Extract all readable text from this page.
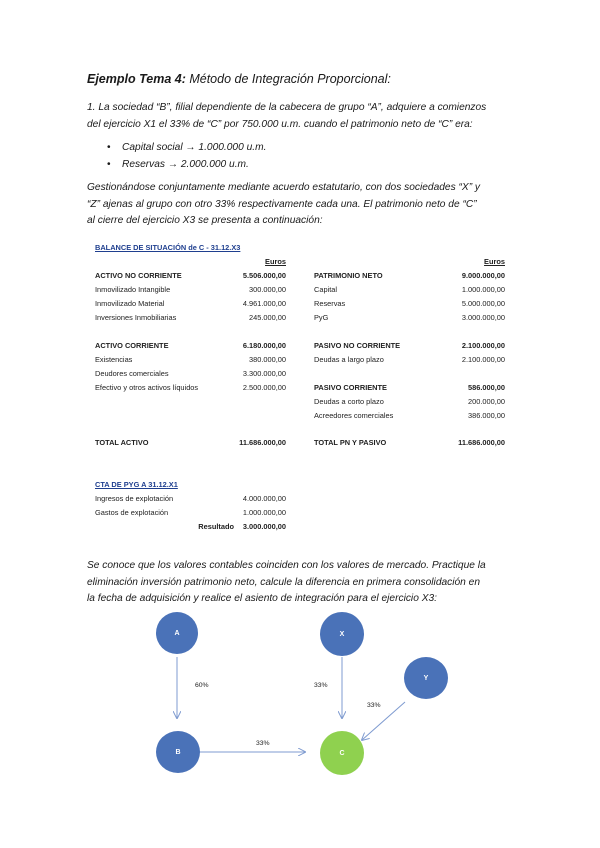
Ejemplo Tema 4: Método de Integración Proporcional:
1. La sociedad “B”, filial dependiente de la cabecera de grupo “A”, adquiere a comienzos
del ejercicio X1 el 33% de “C” por 750.000 u.m. cuando el patrimonio neto de “C” era:
• Capital social → 1.000.000 u.m.
• Reservas → 2.000.000 u.m.
Gestionándose conjuntamente mediante acuerdo estatutario, con dos sociedades “X” y
“Z” ajenas al grupo con otro 33% respectivamente cada una. El patrimonio neto de “C”
al cierre del ejercicio X3 se presenta a continuación:
BALANCE DE SITUACIÓN de C - 31.12.X3
Euros	Euros
ACTIVO NO CORRIENTE	5.506.000,00
Inmovilizado Intangible	300.000,00
Inmovilizado Material	4.961.000,00
Inversiones Inmobiliarias	245.000,00
ACTIVO CORRIENTE	6.180.000,00
Existencias	380.000,00
Deudores comerciales	3.300.000,00
Efectivo y otros activos líquidos	2.500.000,00
PATRIMONIO NETO	9.000.000,00
Capital	1.000.000,00
Reservas	5.000.000,00
PyG	3.000.000,00
PASIVO NO CORRIENTE	2.100.000,00
Deudas a largo plazo	2.100.000,00
PASIVO CORRIENTE	586.000,00
Deudas a corto plazo	200.000,00
Acreedores comerciales	386.000,00
TOTAL ACTIVO	11.686.000,00	TOTAL PN Y PASIVO	11.686.000,00
CTA DE PYG A 31.12.X1
Ingresos de explotación	4.000.000,00
Gastos de explotación	1.000.000,00
Resultado	3.000.000,00
Se conoce que los valores contables coinciden con los valores de mercado. Practique la
eliminación inversión patrimonio neto, calcule la diferencia en primera consolidación en
la fecha de adquisición y realice el asiento de integración para el ejercicio X3:
A	X
Y
B	C
60%	33%
33%
33%
